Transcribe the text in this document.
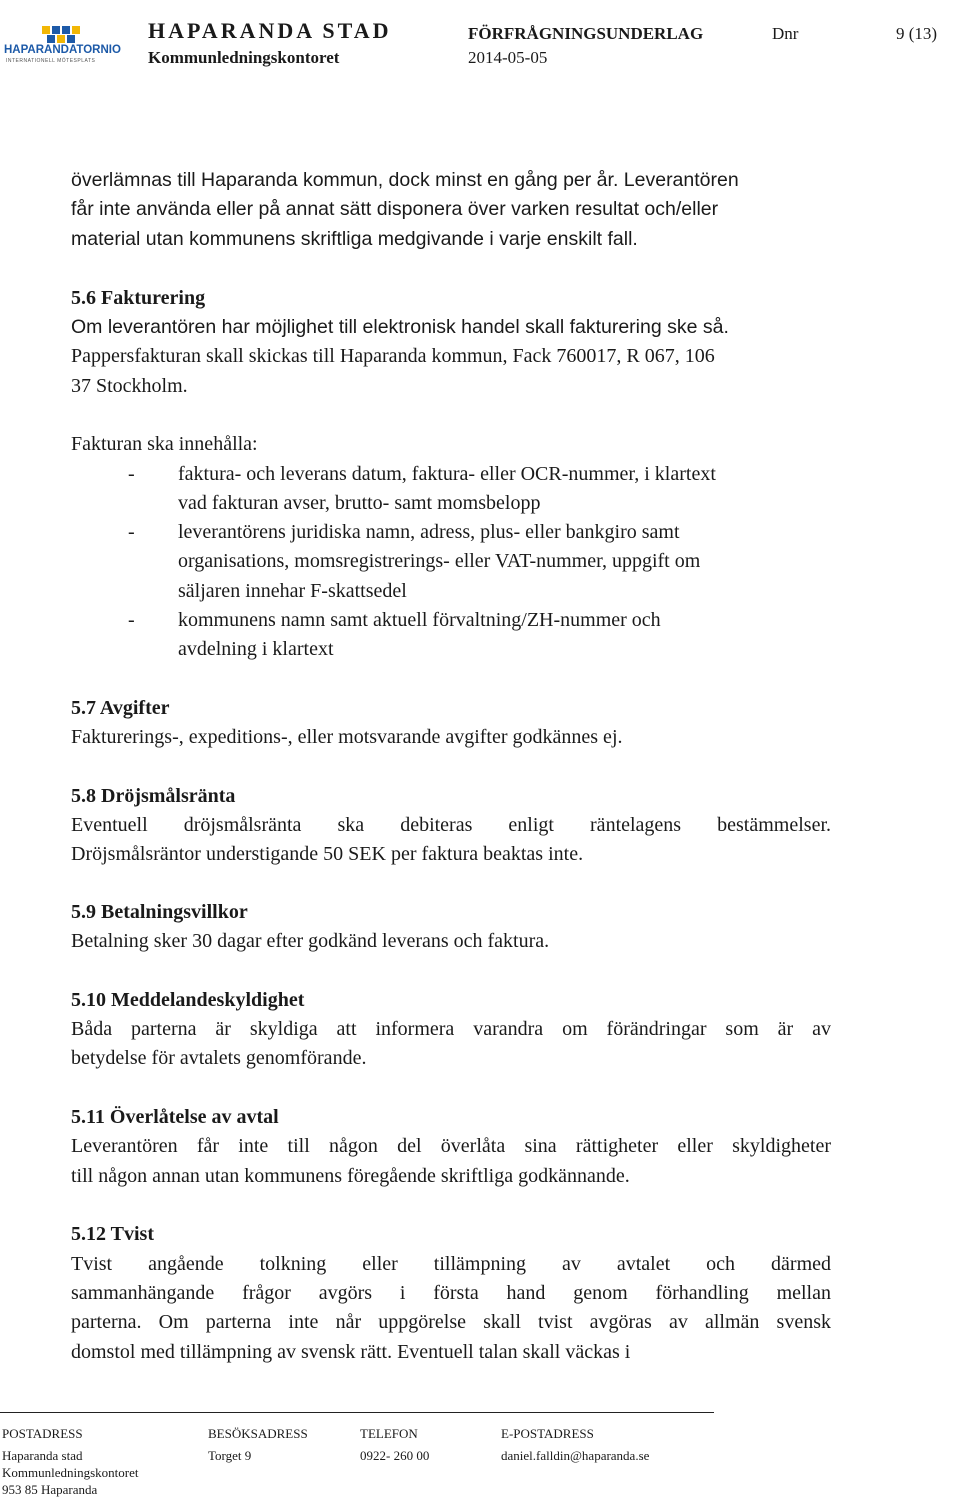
HAPARANDATORNIO
INTERNATIONELL MÖTESPLATS
HAPARANDA STAD
Kommunledningskontoret
FÖRFRÅGNINGSUNDERLAG
2014-05-05
Dnr	9 (13)
överlämnas till Haparanda kommun, dock minst en gång per år. Leverantören
får inte använda eller på annat sätt disponera över varken resultat och/eller
material utan kommunens skriftliga medgivande i varje enskilt fall.
5.6 Fakturering
Om leverantören har möjlighet till elektronisk handel skall fakturering ske så.
Pappersfakturan skall skickas till Haparanda kommun, Fack 760017, R 067, 106
37 Stockholm.
Fakturan ska innehålla:
- faktura- och leverans datum, faktura- eller OCR-nummer, i klartext
vad fakturan avser, brutto- samt momsbelopp
- leverantörens juridiska namn, adress, plus- eller bankgiro samt
organisations, momsregistrerings- eller VAT-nummer, uppgift om
säljaren innehar F-skattsedel
- kommunens namn samt aktuell förvaltning/ZH-nummer och
avdelning i klartext
5.7 Avgifter
Fakturerings-, expeditions-, eller motsvarande avgifter godkännes ej.
5.8 Dröjsmålsränta
Eventuell dröjsmålsränta ska debiteras enligt räntelagens bestämmelser.
Dröjsmålsräntor understigande 50 SEK per faktura beaktas inte.
5.9 Betalningsvillkor
Betalning sker 30 dagar efter godkänd leverans och faktura.
5.10 Meddelandeskyldighet
Båda parterna är skyldiga att informera varandra om förändringar som är av
betydelse för avtalets genomförande.
5.11 Överlåtelse av avtal
Leverantören får inte till någon del överlåta sina rättigheter eller skyldigheter
till någon annan utan kommunens föregående skriftliga godkännande.
5.12 Tvist
Tvist angående tolkning eller tillämpning av avtalet och därmed
sammanhängande frågor avgörs i första hand genom förhandling mellan
parterna. Om parterna inte når uppgörelse skall tvist avgöras av allmän svensk
domstol med tillämpning av svensk rätt. Eventuell talan skall väckas i
POSTADRESS	BESÖKSADRESS	TELEFON	E-POSTADRESS
Haparanda stad
Kommunledningskontoret
953 85 Haparanda
Torget 9	0922- 260 00	daniel.falldin@haparanda.se
